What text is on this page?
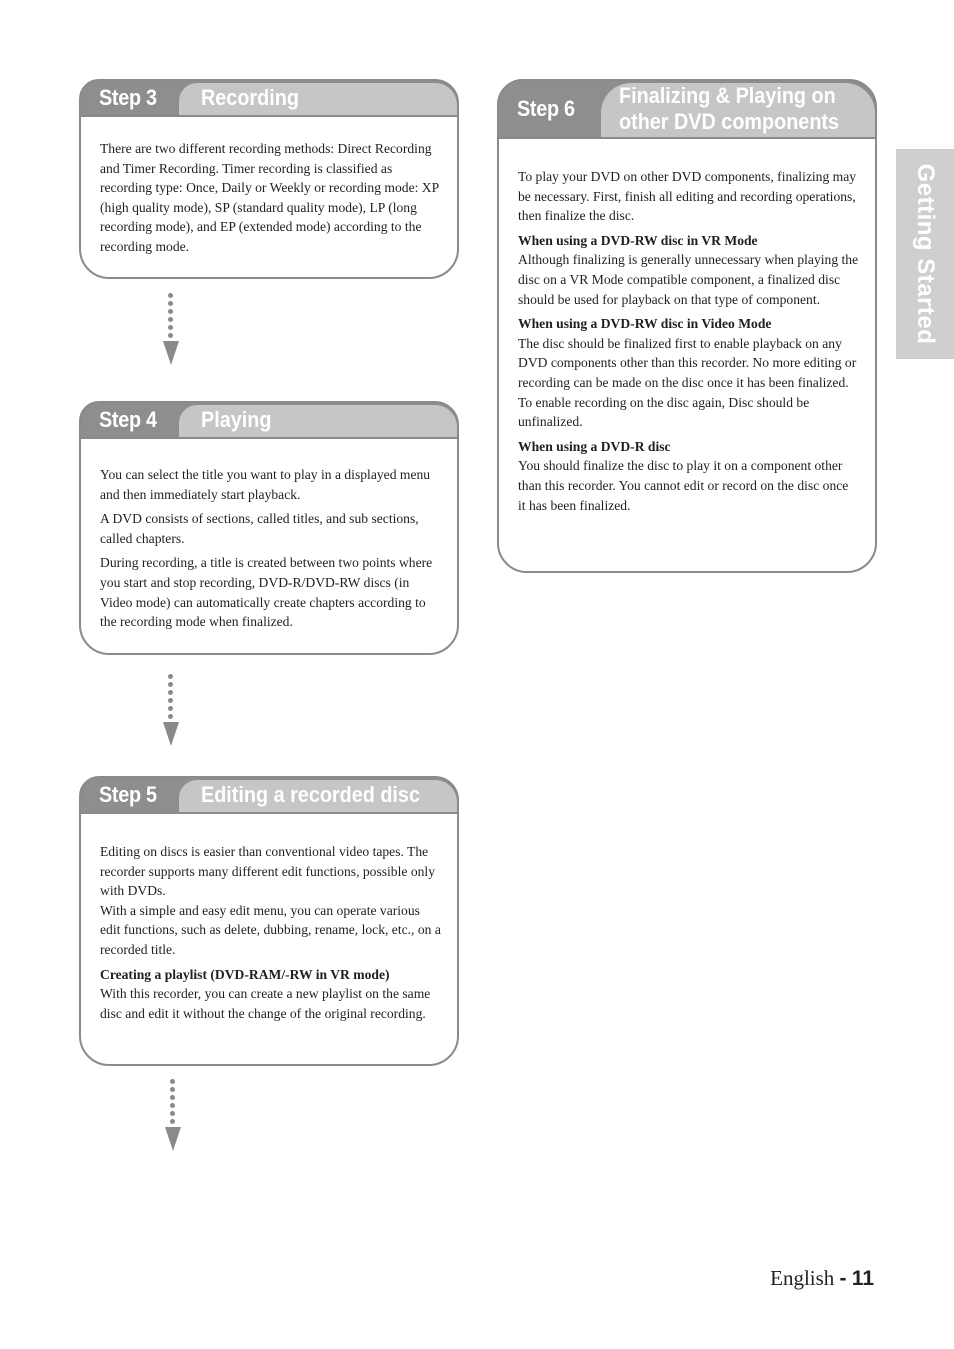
Step 3 Recording

There are two different recording methods: Direct Recording and Timer Recording. Timer recording is classified as recording type: Once, Daily or Weekly or recording mode: XP (high quality mode), SP (standard quality mode), LP (long recording mode), and EP (extended mode) according to the recording mode.

Step 4 Playing

You can select the title you want to play in a displayed menu and then immediately start playback.

A DVD consists of sections, called titles, and sub sections, called chapters.

During recording, a title is created between two points where you start and stop recording, DVD-R/DVD-RW discs (in Video mode) can automatically create chapters according to the recording mode when finalized.

Step 5 Editing a recorded disc

Editing on discs is easier than conventional video tapes. The recorder supports many different edit functions, possible only with DVDs.

With a simple and easy edit menu, you can operate various edit functions, such as delete, dubbing, rename, lock, etc., on a recorded title.

Creating a playlist (DVD-RAM/-RW in VR mode)

With this recorder, you can create a new playlist on the same disc and edit it without the change of the original recording.

Step 6
Finalizing & Playing on
other DVD components

To play your DVD on other DVD components, finalizing may be necessary. First, finish all editing and recording operations, then finalize the disc.

When using a DVD-RW disc in VR Mode

Although finalizing is generally unnecessary when playing the disc on a VR Mode compatible component, a finalized disc should be used for playback on that type of component.

When using a DVD-RW disc in Video Mode

The disc should be finalized first to enable playback on any DVD components other than this recorder. No more editing or recording can be made on the disc once it has been finalized.

To enable recording on the disc again, Disc should be unfinalized.

When using a DVD-R disc

You should finalize the disc to play it on a component other than this recorder. You cannot edit or record on the disc once it has been finalized.

Getting Started
English - 11
